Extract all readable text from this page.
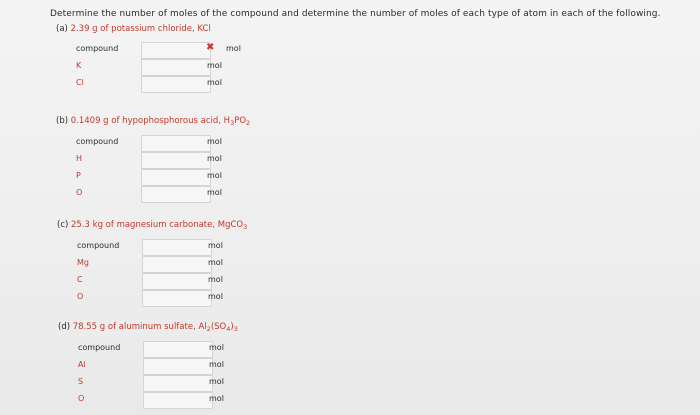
Determine the number of moles of the compound and determine the number of moles of each type of atom in each of the following.
(a) 2.39 g of potassium chloride, KCl
compound	✖ mol
K	mol
Cl	mol
(b) 0.1409 g of hypophosphorous acid, $H_3PO_2$
compound	mol
H	mol
P	mol
O	mol
(c) 25.3 kg of magnesium carbonate, MgCO$_3$
compound	mol
Mg	mol
C	mol
O	mol
(d) 78.55 g of aluminum sulfate, $Al_2(SO_4)_3$
compound	mol
Al	mol
S	mol
O	mol
